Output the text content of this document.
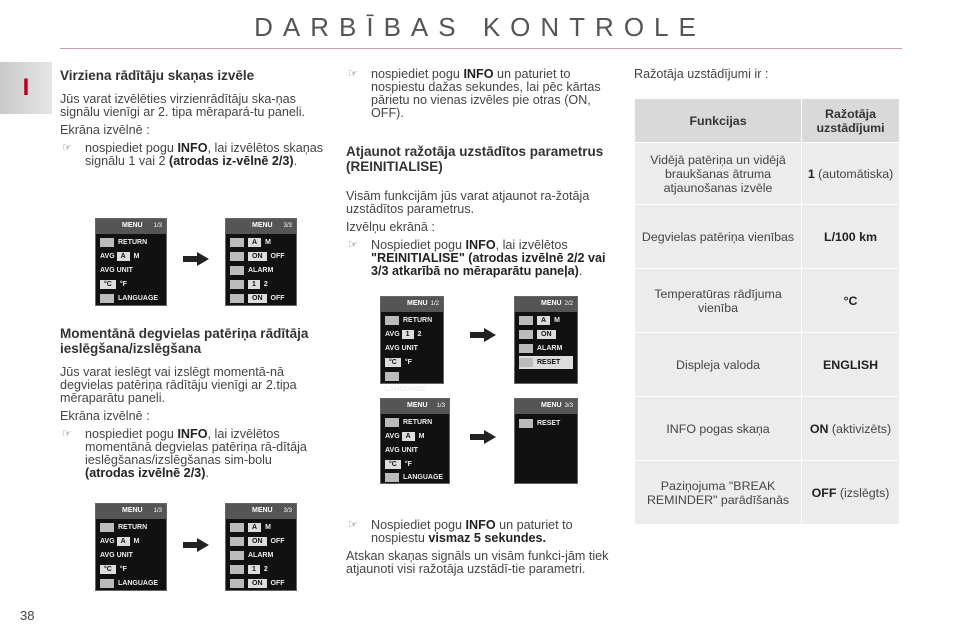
DARBĪBAS KONTROLE
I
38
Virziena rādītāju skaņas izvēle

Jūs varat izvēlēties virzienrādītāju ska-ņas signālu vienīgi ar 2. tipa mērapará-tu paneli.

Ekrāna izvēlnē :

☞ nospiediet pogu INFO, lai izvēlētos skaņas signālu 1 vai 2 (atrodas iz-vēlnē 2/3).
Momentānā degvielas patēriņa rādītāja ieslēgšana/izslēgšana

Jūs varat ieslēgt vai izslēgt momentā-nā degvielas patēriņa rādītāju vienīgi ar 2.tipa mēraparātu paneli.

Ekrāna izvēlnē :

☞ nospiediet pogu INFO, lai izvēlētos momentānā degvielas patēriņa rā-dītāja ieslēgšanas/izslēgšanas sim-bolu (atrodas izvēlnē 2/3).
MENU 1/3
RETURN
AVG A M
AVG UNIT
°C °F
LANGUAGE
MENU 3/3
A M
ON OFF
ALARM
1 2
ON OFF
MENU 1/3
RETURN
AVG A M
AVG UNIT
°C °F
LANGUAGE
MENU 3/3
A M
ON OFF
ALARM
1 2
ON OFF
☞ nospiediet pogu INFO un paturiet to nospiestu dažas sekundes, lai pēc kārtas pārietu no vienas izvēles pie otras (ON, OFF).
Atjaunot ražotāja uzstādītos parametrus (REINITIALISE)

Visām funkcijām jūs varat atjaunot ra-žotāja uzstādītos parametrus.

Izvēlņu ekrānā :

☞ Nospiediet pogu INFO, lai izvēlētos "REINITIALISE" (atrodas izvēlnē 2/2 vai 3/3 atkarībā no mēraparātu paneļa).
MENU 1/2
RETURN
AVG 1 2
AVG UNIT
°C °F
LANGUAGE
MENU 2/2
A M
ON
ALARM
RESET
MENU 1/3
RETURN
AVG A M
AVG UNIT
°C °F
LANGUAGE
MENU 3/3
RESET
☞ Nospiediet pogu INFO un paturiet to nospiestu vismaz 5 sekundes.

Atskan skaņas signāls un visām funkci-jām tiek atjaunoti visi ražotāja uzstādī-tie parametri.

Ražotāja uzstādījumi ir :
Funkcijas	Ražotāja uzstādījumi
Vidējā patēriņa un vidējā braukšanas ātruma atjaunošanas izvēle	1 (automātiska)
Degvielas patēriņa vienības	L/100 km
Temperatūras rādījuma vienība	°C
Displeja valoda	ENGLISH
INFO pogas skaņa	ON (aktivizēts)
Paziņojuma "BREAK REMINDER" parādīšanās	OFF (izslēgts)
